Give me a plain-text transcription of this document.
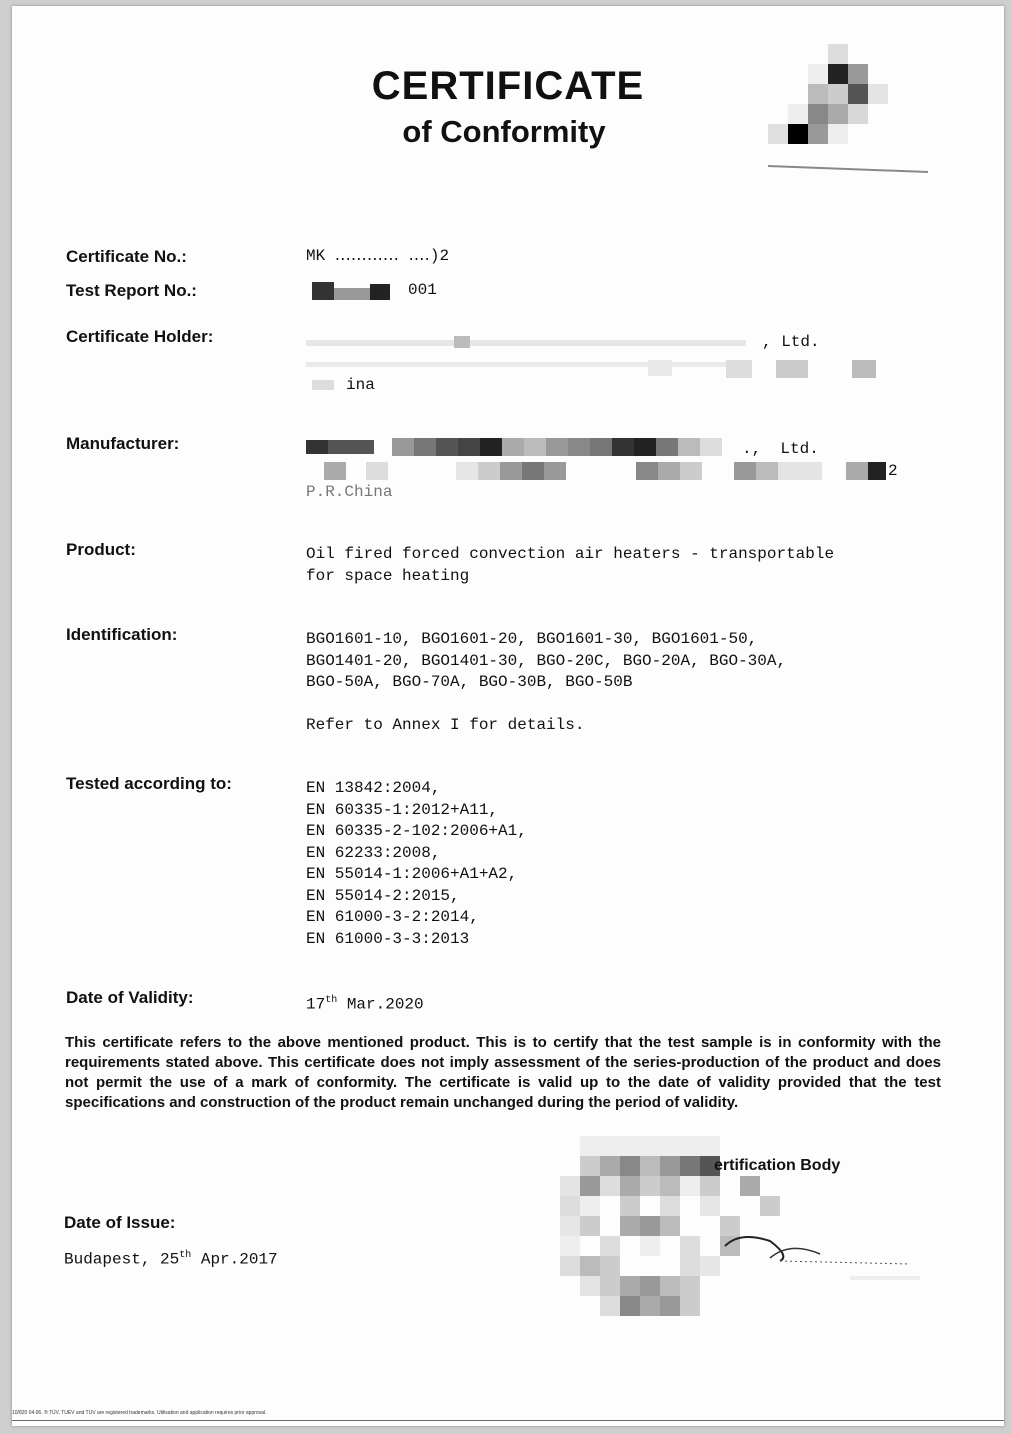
CERTIFICATE
of Conformity
Certificate No.:	MK ‥‥‥‥‥‥ ‥‥)2
Test Report No.:	001
Certificate Holder:	, Ltd.
ina
Manufacturer:	.,  Ltd.
2
P.R.China
Product:	Oil fired forced convection air heaters - transportable
for space heating
Identification:	BGO1601-10, BGO1601-20, BGO1601-30, BGO1601-50,
BGO1401-20, BGO1401-30, BGO-20C, BGO-20A, BGO-30A,
BGO-50A, BGO-70A, BGO-30B, BGO-50B
Refer to Annex I for details.
Tested according to:	EN 13842:2004,
EN 60335-1:2012+A11,
EN 60335-2-102:2006+A1,
EN 62233:2008,
EN 55014-1:2006+A1+A2,
EN 55014-2:2015,
EN 61000-3-2:2014,
EN 61000-3-3:2013
Date of Validity:	17th Mar.2020
This certificate refers to the above mentioned product. This is to certify that the test sample is in conformity with the requirements stated above. This certificate does not imply assessment of the series-production of the product and does not permit the use of a mark of conformity. The certificate is valid up to the date of validity provided that the test specifications and construction of the product remain unchanged during the period of validity.
ertification Body
Date of Issue:
Budapest, 25th Apr.2017
10/820 04.06. ® TÜV, TUEV and TUV are registered trademarks. Utilisation and application requires prior approval.
